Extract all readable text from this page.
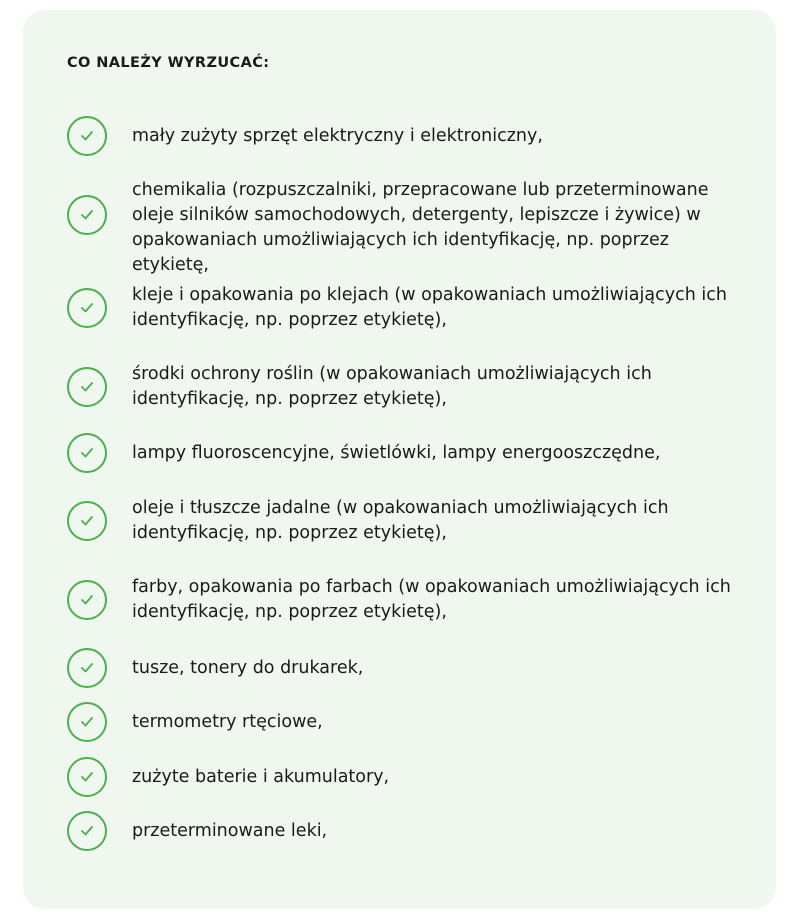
CO NALEŻY WYRZUCAĆ:

mały zużyty sprzęt elektryczny i elektroniczny,

chemikalia (rozpuszczalniki, przepracowane lub przeterminowane oleje silników samochodowych, detergenty, lepiszcze i żywice) w opakowaniach umożliwiających ich identyfikację, np. poprzez etykietę,

kleje i opakowania po klejach (w opakowaniach umożliwiających ich identyfikację, np. poprzez etykietę),

środki ochrony roślin (w opakowaniach umożliwiających ich identyfikację, np. poprzez etykietę),

lampy fluoroscencyjne, świetlówki, lampy energooszczędne,

oleje i tłuszcze jadalne (w opakowaniach umożliwiających ich identyfikację, np. poprzez etykietę),

farby, opakowania po farbach (w opakowaniach umożliwiających ich identyfikację, np. poprzez etykietę),

tusze, tonery do drukarek,

termometry rtęciowe,

zużyte baterie i akumulatory,

przeterminowane leki,
